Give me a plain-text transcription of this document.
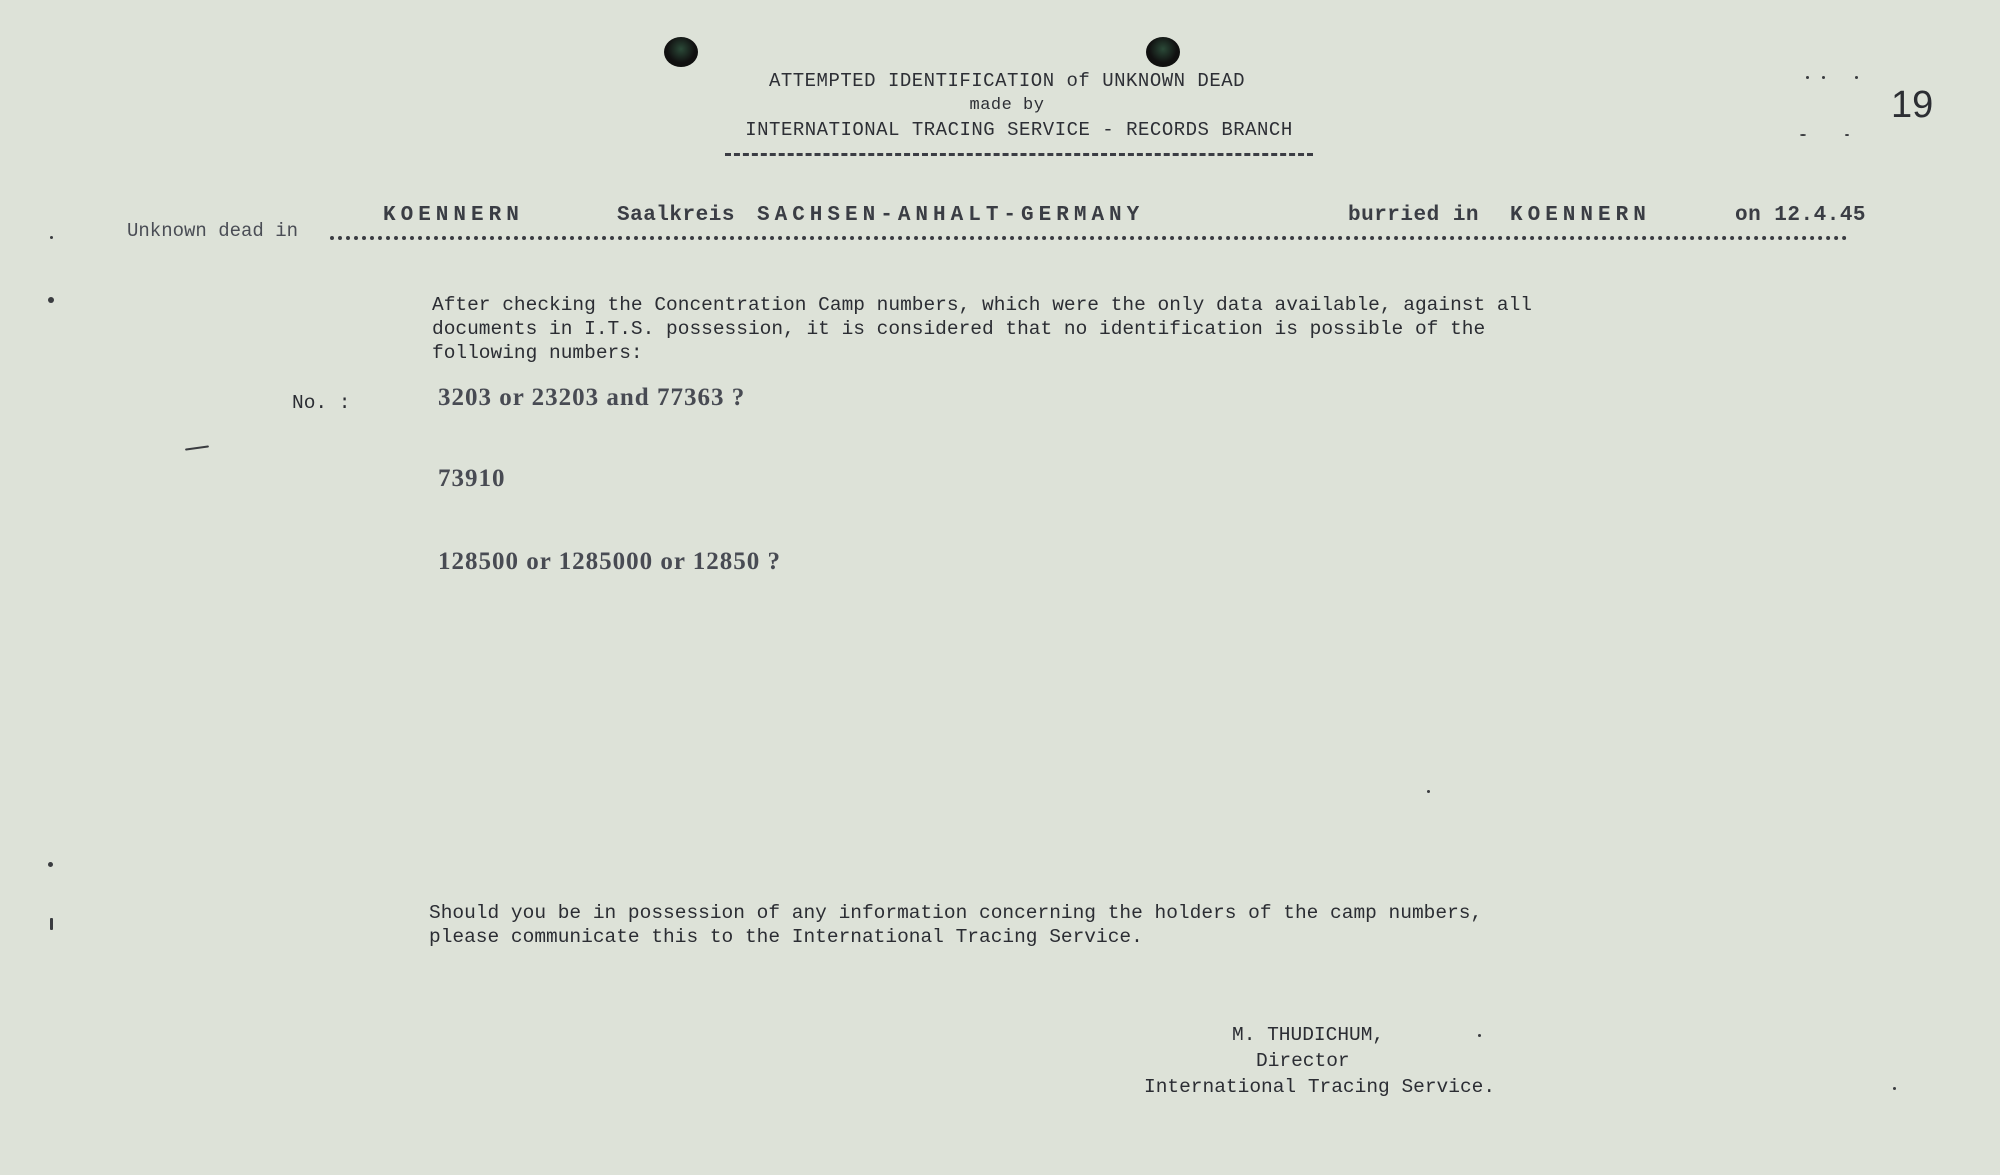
ATTEMPTED IDENTIFICATION of UNKNOWN DEAD
made by
INTERNATIONAL TRACING SERVICE - RECORDS BRANCH
19
Unknown dead in
KOENNERN	Saalkreis SACHSEN-ANHALT-GERMANY	burried in KOENNERN	on 12.4.45
After checking the Concentration Camp numbers, which were the only data available, against all
documents in I.T.S. possession, it is considered that no identification is possible of the
following numbers:
No. :	3203 or 23203 and 77363 ?
73910
128500 or 1285000 or 12850 ?
Should you be in possession of any information concerning the holders of the camp numbers,
please communicate this to the International Tracing Service.
M. THUDICHUM,
Director
International Tracing Service.
